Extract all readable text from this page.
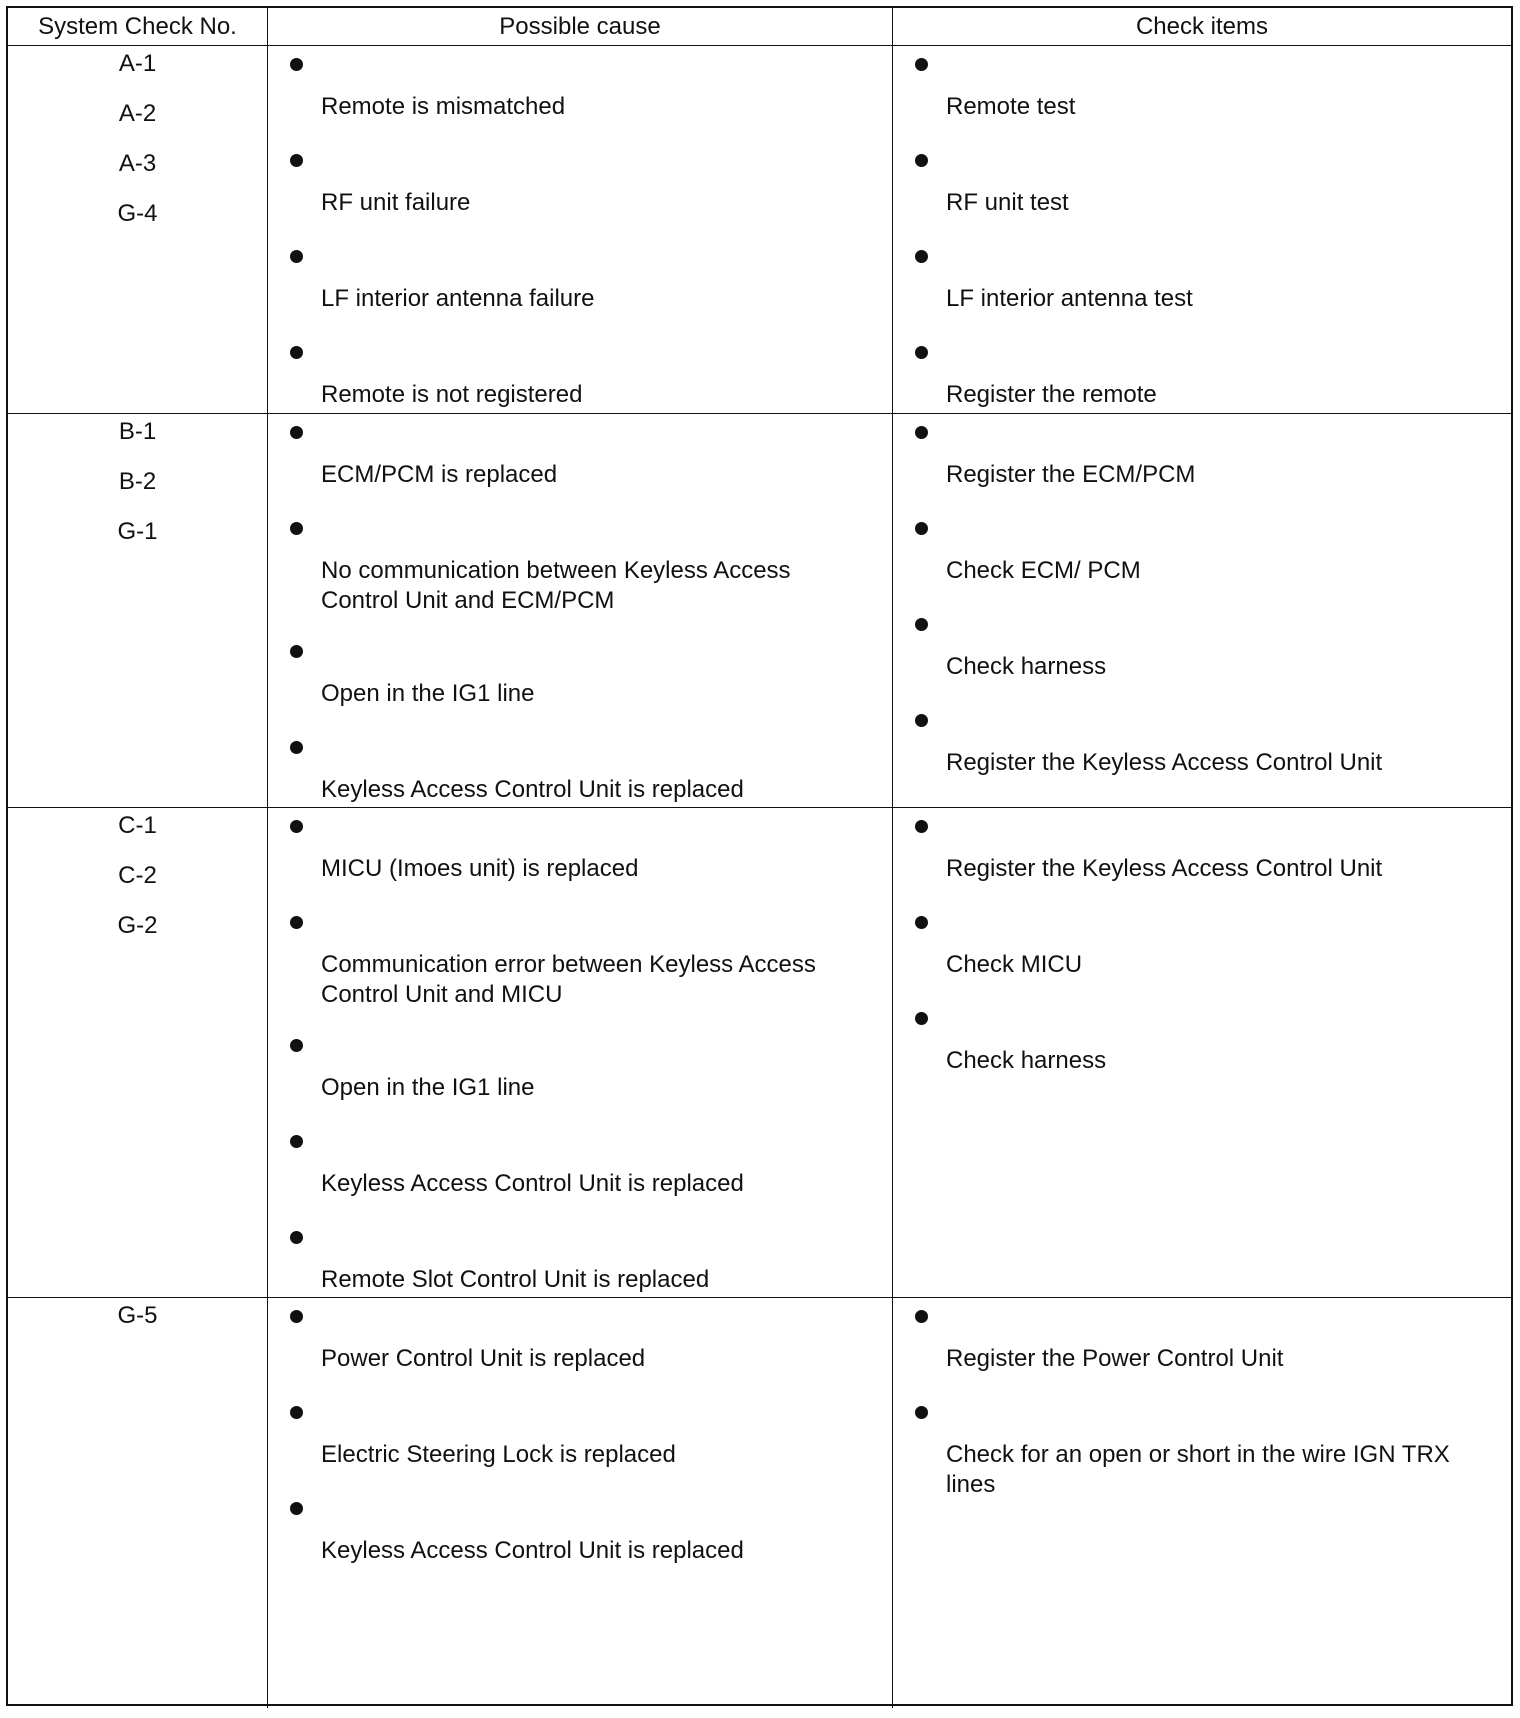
System Check No.	Possible cause	Check items
A-1
A-2
A-3
G-4
Remote is mismatched
RF unit failure
LF interior antenna failure
Remote is not registered
Remote test
RF unit test
LF interior antenna test
Register the remote
B-1
B-2
G-1
ECM/PCM is replaced
No communication between Keyless Access Control Unit and ECM/PCM
Open in the IG1 line
Keyless Access Control Unit is replaced
Register the ECM/PCM
Check ECM/ PCM
Check harness
Register the Keyless Access Control Unit
C-1
C-2
G-2
MICU (Imoes unit) is replaced
Communication error between Keyless Access Control Unit and MICU
Open in the IG1 line
Keyless Access Control Unit is replaced
Remote Slot Control Unit is replaced
Register the Keyless Access Control Unit
Check MICU
Check harness
G-5
Power Control Unit is replaced
Electric Steering Lock is replaced
Keyless Access Control Unit is replaced
Register the Power Control Unit
Check for an open or short in the wire IGN TRX lines
